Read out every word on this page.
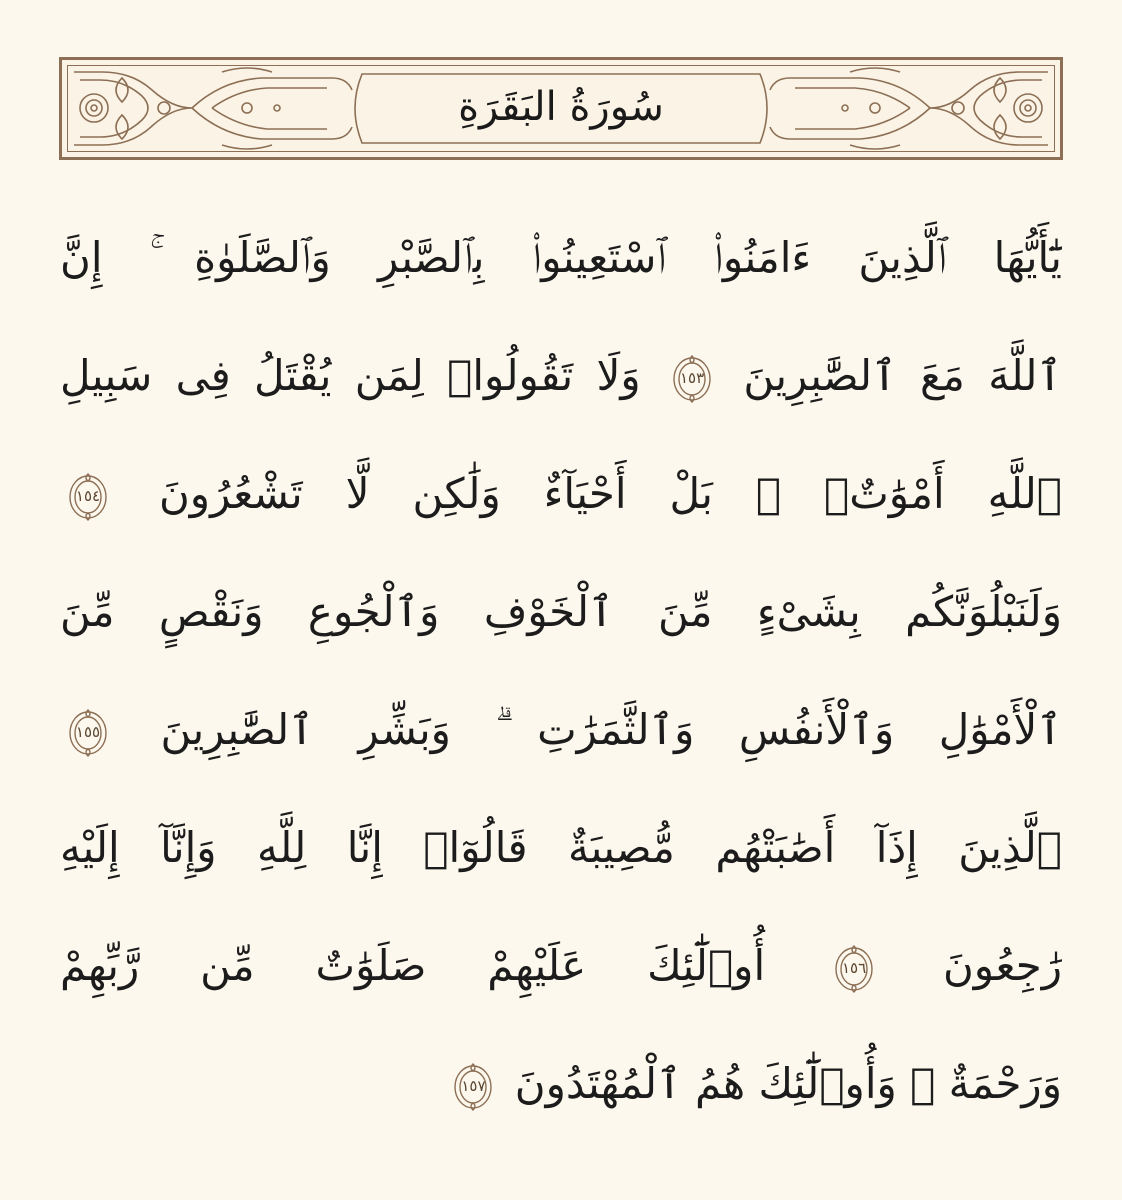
سُورَةُ البَقَرَةِ
يَٰٓأَيُّهَا ٱلَّذِينَ ءَامَنُوا۟ ٱسْتَعِينُوا۟ بِٱلصَّبْرِ وَٱلصَّلَوٰةِ ۚ إِنَّ
ٱللَّهَ مَعَ ٱلصَّٰبِرِينَ
١٥٣
وَلَا تَقُولُوا۟ لِمَن يُقْتَلُ فِى سَبِيلِ
ٱللَّهِ أَمْوَٰتٌۢ ۚ بَلْ أَحْيَآءٌ وَلَٰكِن لَّا تَشْعُرُونَ
١٥٤
وَلَنَبْلُوَنَّكُم بِشَىْءٍ مِّنَ ٱلْخَوْفِ وَٱلْجُوعِ وَنَقْصٍ مِّنَ
ٱلْأَمْوَٰلِ وَٱلْأَنفُسِ وَٱلثَّمَرَٰتِ ۗ وَبَشِّرِ ٱلصَّٰبِرِينَ
١٥٥
ٱلَّذِينَ إِذَآ أَصَٰبَتْهُم مُّصِيبَةٌ قَالُوٓا۟ إِنَّا لِلَّهِ وَإِنَّآ إِلَيْهِ
رَٰجِعُونَ
١٥٦
أُو۟لَٰٓئِكَ عَلَيْهِمْ صَلَوَٰتٌ مِّن رَّبِّهِمْ
وَرَحْمَةٌ ۖ وَأُو۟لَٰٓئِكَ هُمُ ٱلْمُهْتَدُونَ
١٥٧
